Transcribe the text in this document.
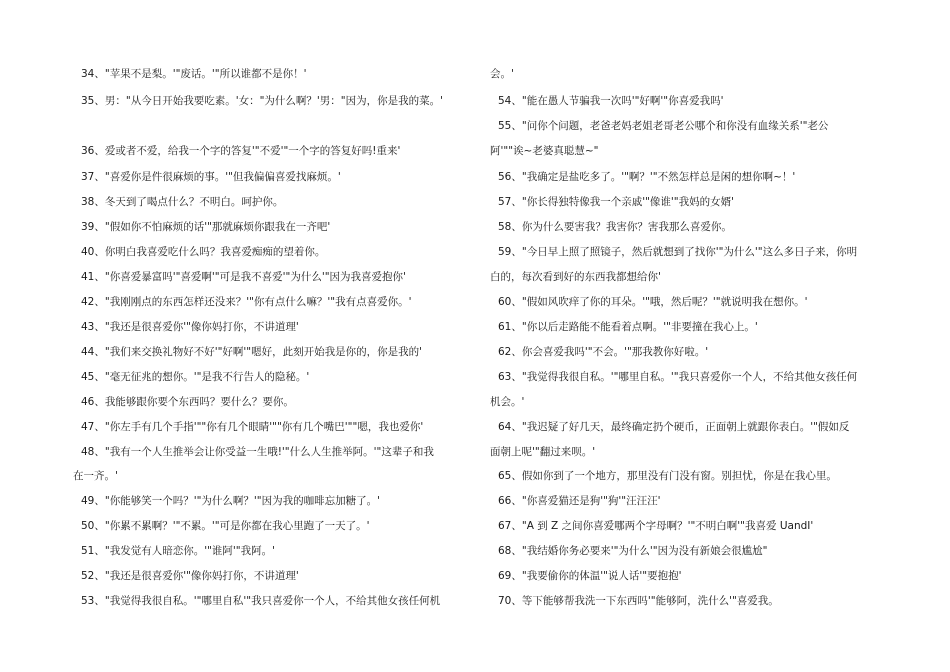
34、"苹果不是梨。'"废话。'"所以谁都不是你！'
35、男："从今日开始我要吃素。'女："为什么啊？'男："因为，你是我的菜。'
36、爱或者不爱，给我一个字的答复'"不爱'"一个字的答复好吗!重来'
37、"喜爱你是件很麻烦的事。'"但我偏偏喜爱找麻烦。'
38、冬天到了喝点什么？不明白。呵护你。
39、"假如你不怕麻烦的话'"那就麻烦你跟我在一齐吧'
40、你明白我喜爱吃什么吗？我喜爱痴痴的望着你。
41、"你喜爱暴富吗'"喜爱啊'"可是我不喜爱'"为什么'"因为我喜爱抱你'
42、"我刚刚点的东西怎样还没来？'"你有点什么嘛？'"我有点喜爱你。'
43、"我还是很喜爱你'"像你妈打你，不讲道理'
44、"我们来交换礼物好不好'"好啊'"嗯好，此刻开始我是你的，你是我的'
45、"毫无征兆的想你。'"是我不行告人的隐秘。'
46、我能够跟你要个东西吗？要什么？要你。
47、"你左手有几个手指'""你有几个眼睛'""你有几个嘴巴'""嗯，我也爱你'
48、"我有一个人生推举会让你受益一生哦!'"什么人生推举阿。'"这辈子和我
在一齐。'
49、"你能够笑一个吗？'"为什么啊？'"因为我的咖啡忘加糖了。'
50、"你累不累啊？'"不累。'"可是你都在我心里跑了一天了。'
51、"我发觉有人暗恋你。'"谁阿'"我阿。'
52、"我还是很喜爱你'"像你妈打你，不讲道理'
53、"我觉得我很自私。'"哪里自私'"我只喜爱你一个人，不给其他女孩任何机
会。'
54、"能在愚人节骗我一次吗'"好啊'"你喜爱我吗'
55、"问你个问题，老爸老妈老姐老哥老公哪个和你没有血缘关系'"老公
阿'""诶~老婆真聪慧~"
56、"我确定是盐吃多了。'"啊？'"不然怎样总是闲的想你啊~！'
57、"你长得独特像我一个亲戚'"像谁'"我妈的女婿'
58、你为什么要害我？我害你？害我那么喜爱你。
59、"今日早上照了照镜子，然后就想到了找你'"为什么'"这么多日子来，你明
白的，每次看到好的东西我都想给你'
60、"假如风吹痒了你的耳朵。'"哦，然后呢？'"就说明我在想你。'
61、"你以后走路能不能看着点啊。'"非要撞在我心上。'
62、你会喜爱我吗'"不会。'"那我教你好啦。'
63、"我觉得我很自私。'"哪里自私。'"我只喜爱你一个人，不给其他女孩任何
机会。'
64、"我迟疑了好几天，最终确定扔个硬币，正面朝上就跟你表白。'"假如反
面朝上呢'"翻过来呗。'
65、假如你到了一个地方，那里没有门没有窗。别担忧，你是在我心里。
66、"你喜爱猫还是狗'"狗'"汪汪汪'
67、"A 到 Z 之间你喜爱哪两个字母啊？'"不明白啊'"我喜爱 UandI'
68、"我结婚你务必要来'"为什么'"因为没有新娘会很尴尬"
69、"我要偷你的体温'"说人话'"要抱抱'
70、等下能够帮我洗一下东西吗'"能够阿，洗什么'"喜爱我。
